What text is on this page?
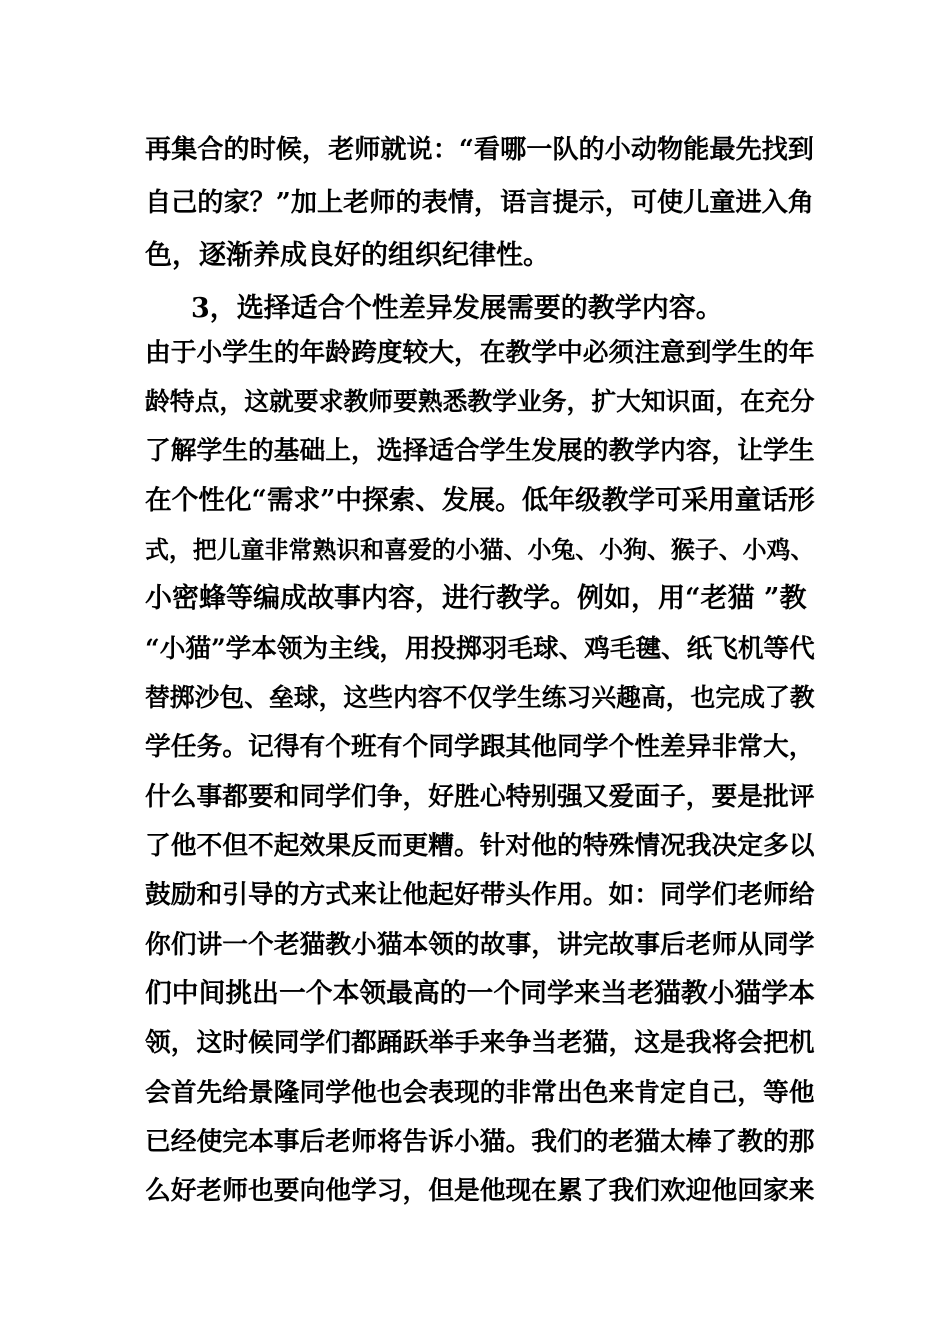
再集合的时候，老师就说：“看哪一队的小动物能最先找到
自己的家？”加上老师的表情，语言提示，可使儿童进入角
色，逐渐养成良好的组织纪律性。
3，选择适合个性差异发展需要的教学内容。
由于小学生的年龄跨度较大，在教学中必须注意到学生的年
龄特点，这就要求教师要熟悉教学业务，扩大知识面，在充分
了解学生的基础上，选择适合学生发展的教学内容，让学生
在个性化“需求”中探索、发展。低年级教学可采用童话形
式，把儿童非常熟识和喜爱的小猫、小兔、小狗、猴子、小鸡、
小密蜂等编成故事内容，进行教学。例如，用“老猫 ”教
“小猫”学本领为主线，用投掷羽毛球、鸡毛毽、纸飞机等代
替掷沙包、垒球，这些内容不仅学生练习兴趣高，也完成了教
学任务。记得有个班有个同学跟其他同学个性差异非常大，
什么事都要和同学们争，好胜心特别强又爱面子，要是批评
了他不但不起效果反而更糟。针对他的特殊情况我决定多以
鼓励和引导的方式来让他起好带头作用。如：同学们老师给
你们讲一个老猫教小猫本领的故事，讲完故事后老师从同学
们中间挑出一个本领最高的一个同学来当老猫教小猫学本
领，这时候同学们都踊跃举手来争当老猫，这是我将会把机
会首先给景隆同学他也会表现的非常出色来肯定自己，等他
已经使完本事后老师将告诉小猫。我们的老猫太棒了教的那
么好老师也要向他学习，但是他现在累了我们欢迎他回家来
